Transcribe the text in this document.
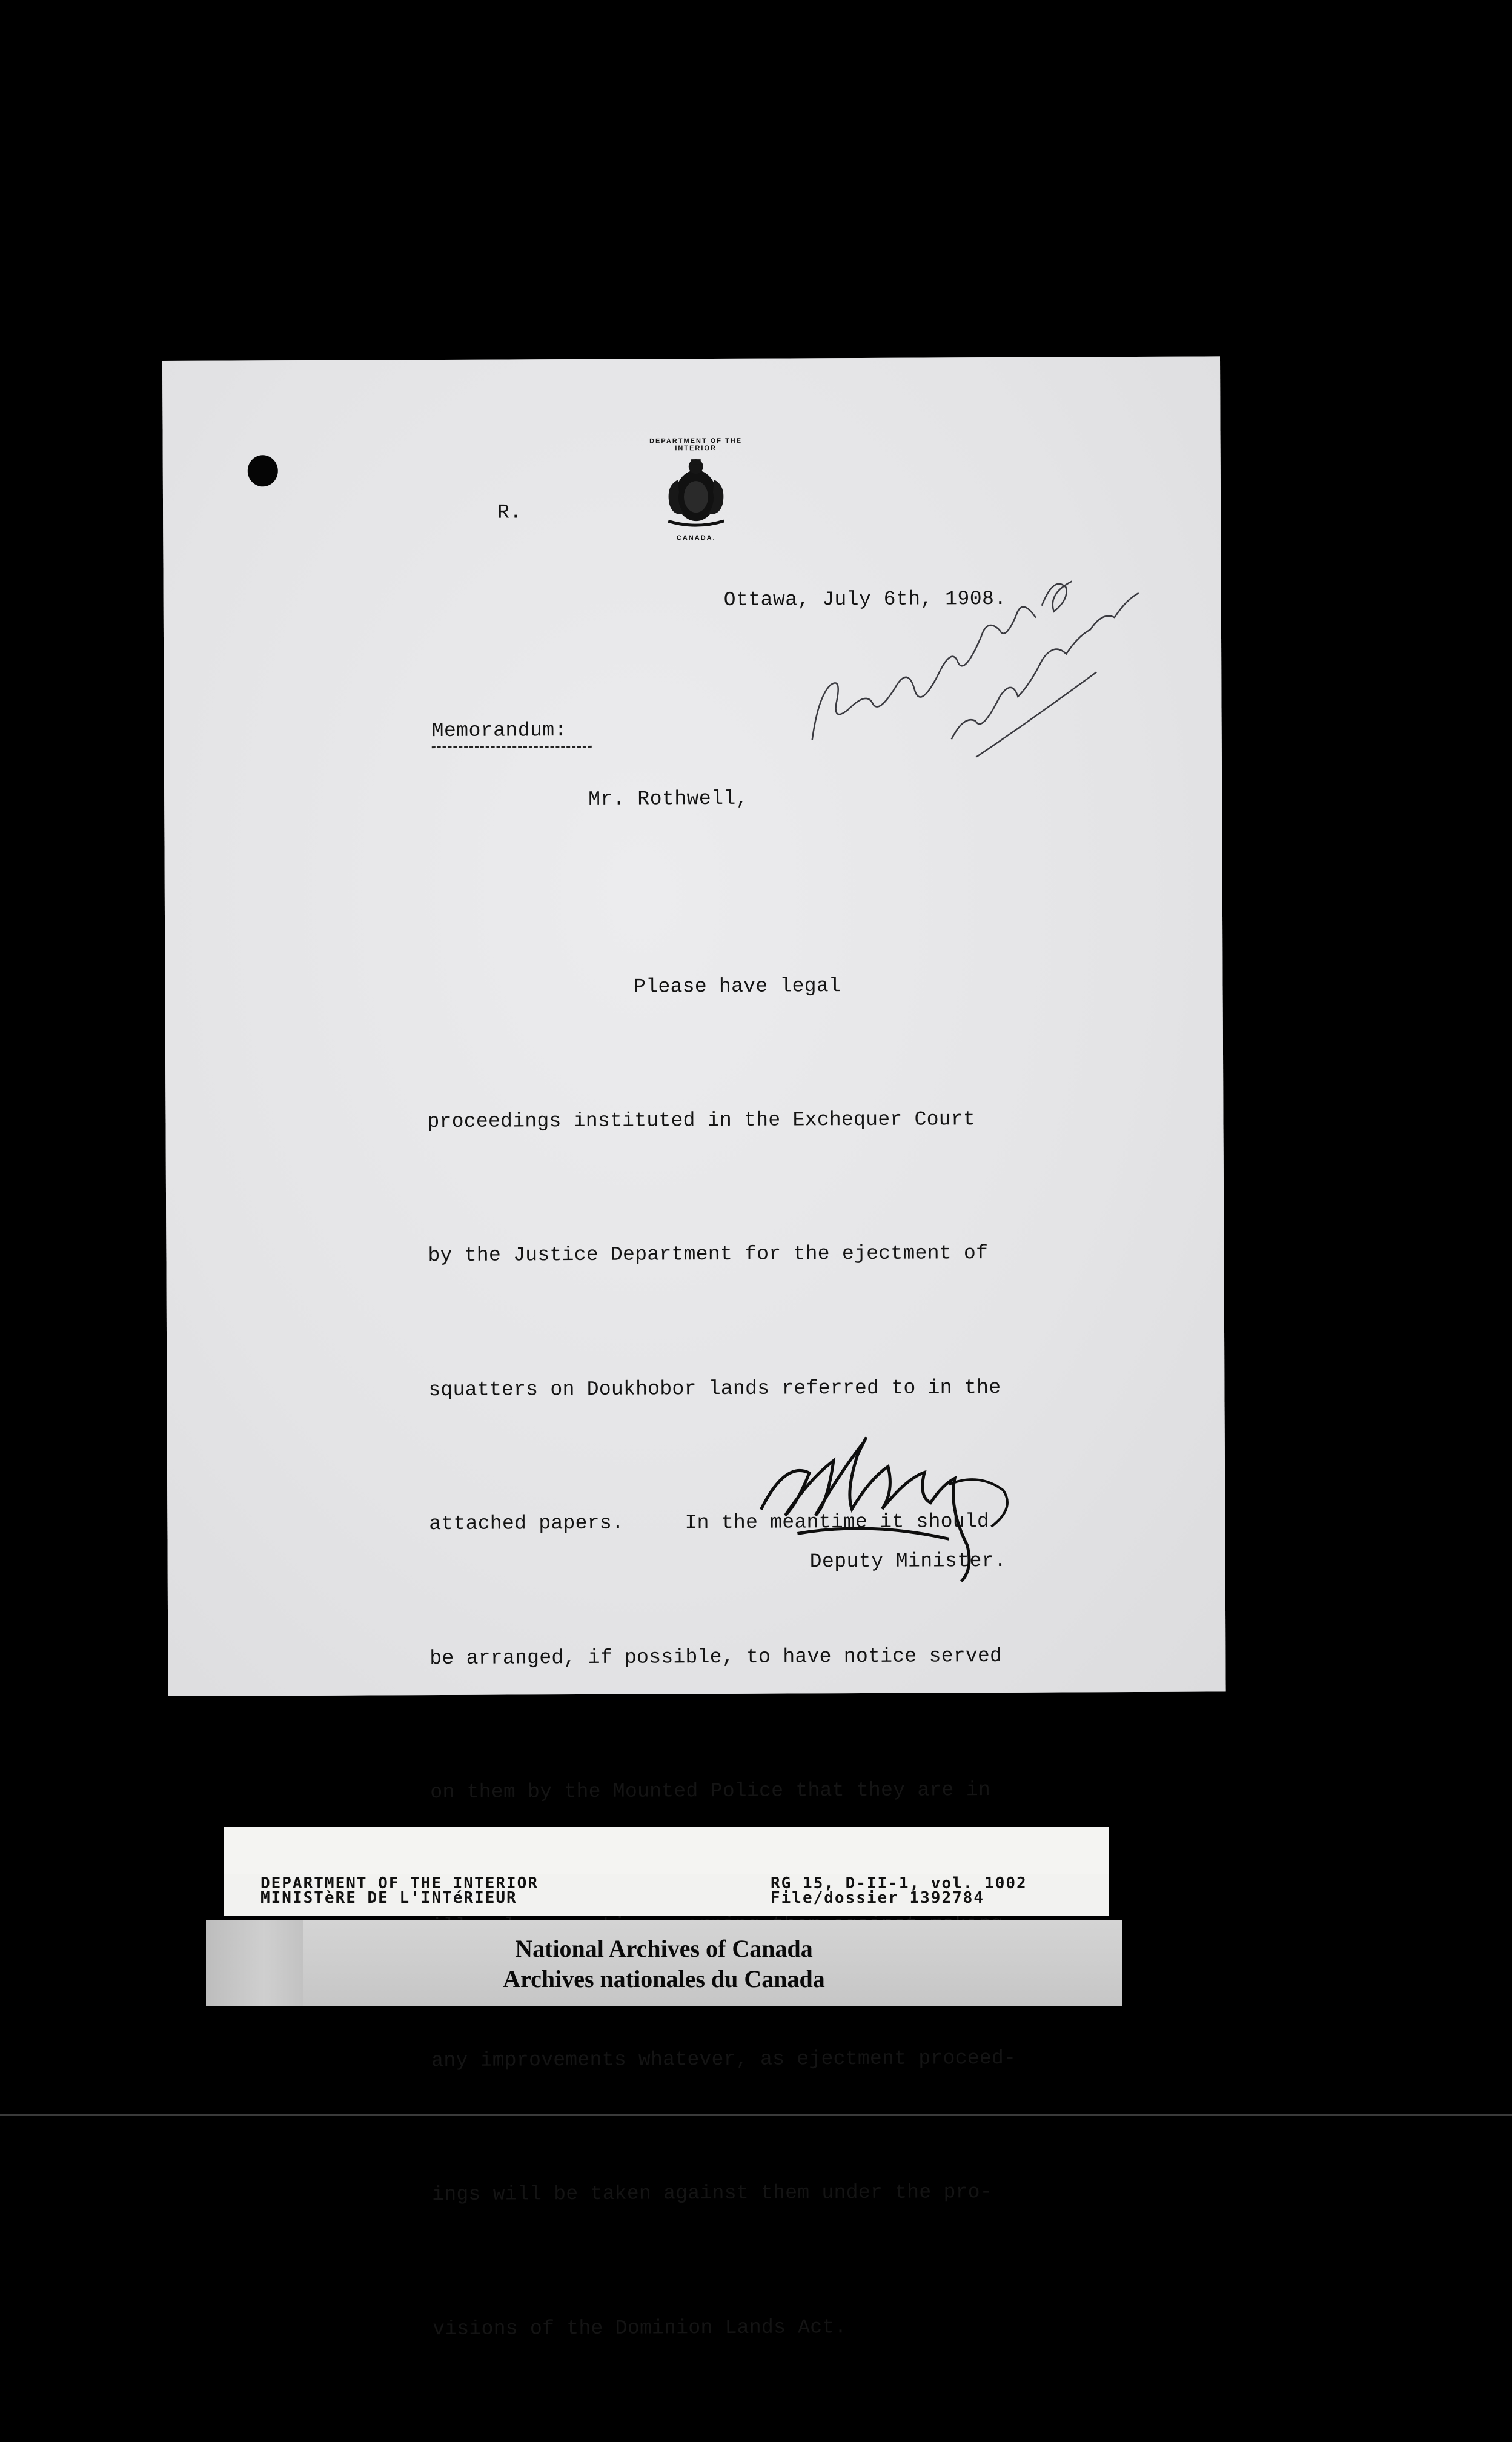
DEPARTMENT OF THE INTERIOR
CANADA.
R.
Ottawa, July 6th, 1908.
Memorandum:
Mr. Rothwell,

Please have legal

proceedings instituted in the Exchequer Court

by the Justice Department for the ejectment of

squatters on Doukhobor lands referred to in the

attached papers.     In the meantime it should

be arranged, if possible, to have notice served

on them by the Mounted Police that they are in

any improvements whatever, as ejectment proceed-

ings will be taken against them under the pro-

visions of the Dominion Lands Act.

Deputy Minister.
DEPARTMENT OF THE INTERIOR
MINISTèRE DE L'INTéRIEUR
RG 15, D-II-1, vol. 1002
File/dossier 1392784
National Archives of Canada
Archives nationales du Canada
